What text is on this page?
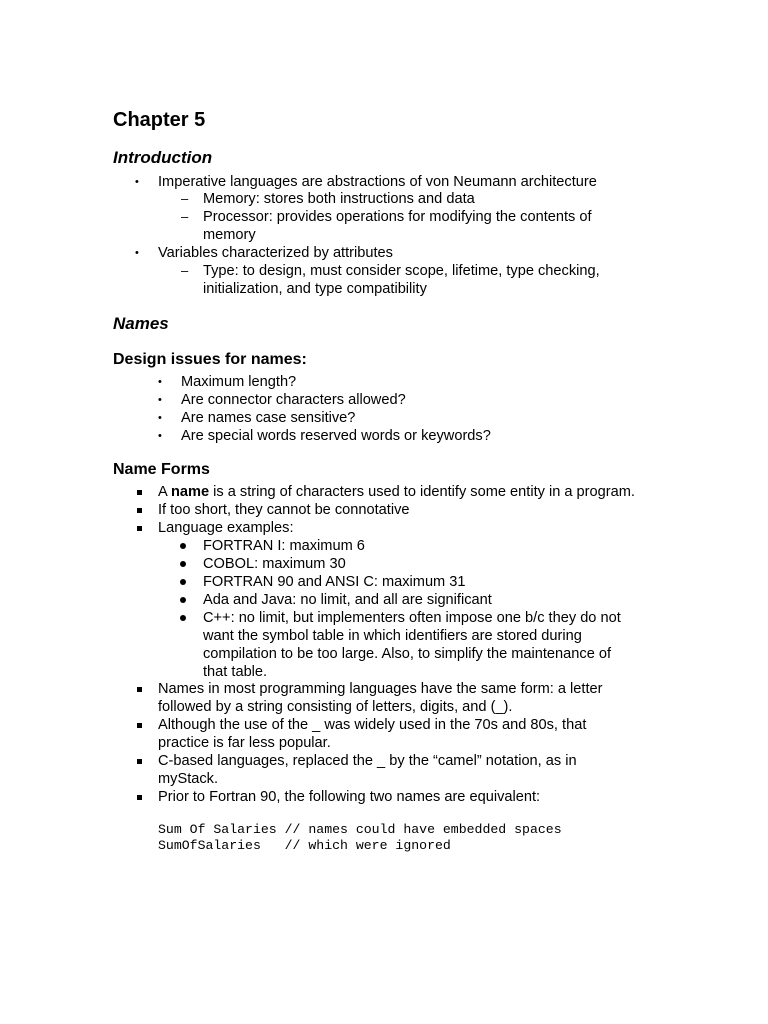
Chapter 5
Introduction
• Imperative languages are abstractions of von Neumann architecture
– Memory: stores both instructions and data
– Processor: provides operations for modifying the contents of
memory
• Variables characterized by attributes
– Type: to design, must consider scope, lifetime, type checking,
initialization, and type compatibility
Names
Design issues for names:
• Maximum length?
• Are connector characters allowed?
• Are names case sensitive?
• Are special words reserved words or keywords?
Name Forms
A name is a string of characters used to identify some entity in a program.
If too short, they cannot be connotative
Language examples:
FORTRAN I: maximum 6
COBOL: maximum 30
FORTRAN 90 and ANSI C: maximum 31
Ada and Java: no limit, and all are significant
C++: no limit, but implementers often impose one b/c they do not
want the symbol table in which identifiers are stored during
compilation to be too large. Also, to simplify the maintenance of
that table.
Names in most programming languages have the same form: a letter
followed by a string consisting of letters, digits, and (_).
Although the use of the _ was widely used in the 70s and 80s, that
practice is far less popular.
C-based languages, replaced the _ by the “camel” notation, as in
myStack.
Prior to Fortran 90, the following two names are equivalent:
Sum Of Salaries // names could have embedded spaces
SumOfSalaries   // which were ignored
